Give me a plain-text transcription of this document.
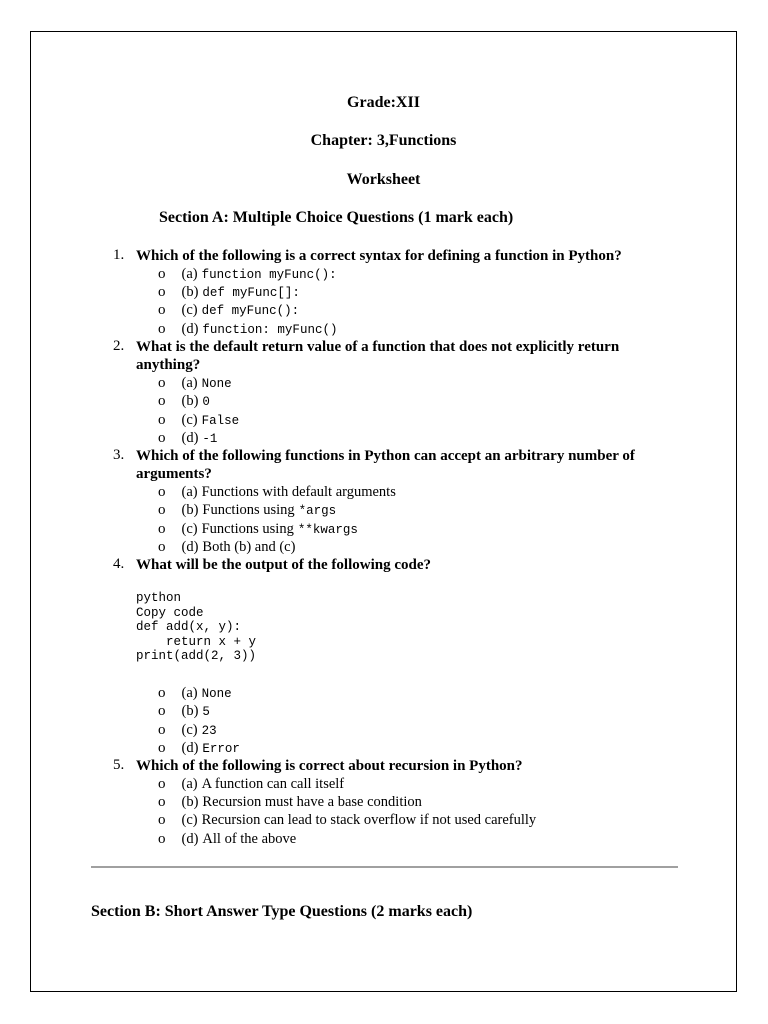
Grade:XII
Chapter: 3,Functions
Worksheet
Section A: Multiple Choice Questions (1 mark each)
1. Which of the following is a correct syntax for defining a function in Python?
o (a) function myFunc():
o (b) def myFunc[]:
o (c) def myFunc():
o (d) function: myFunc()
2. What is the default return value of a function that does not explicitly return anything?
o (a) None
o (b) 0
o (c) False
o (d) -1
3. Which of the following functions in Python can accept an arbitrary number of arguments?
o (a) Functions with default arguments
o (b) Functions using *args
o (c) Functions using **kwargs
o (d) Both (b) and (c)
4. What will be the output of the following code?
python
Copy code
def add(x, y):
return x + y
print(add(2, 3))
o (a) None
o (b) 5
o (c) 23
o (d) Error
5. Which of the following is correct about recursion in Python?
o (a) A function can call itself
o (b) Recursion must have a base condition
o (c) Recursion can lead to stack overflow if not used carefully
o (d) All of the above
Section B: Short Answer Type Questions (2 marks each)
